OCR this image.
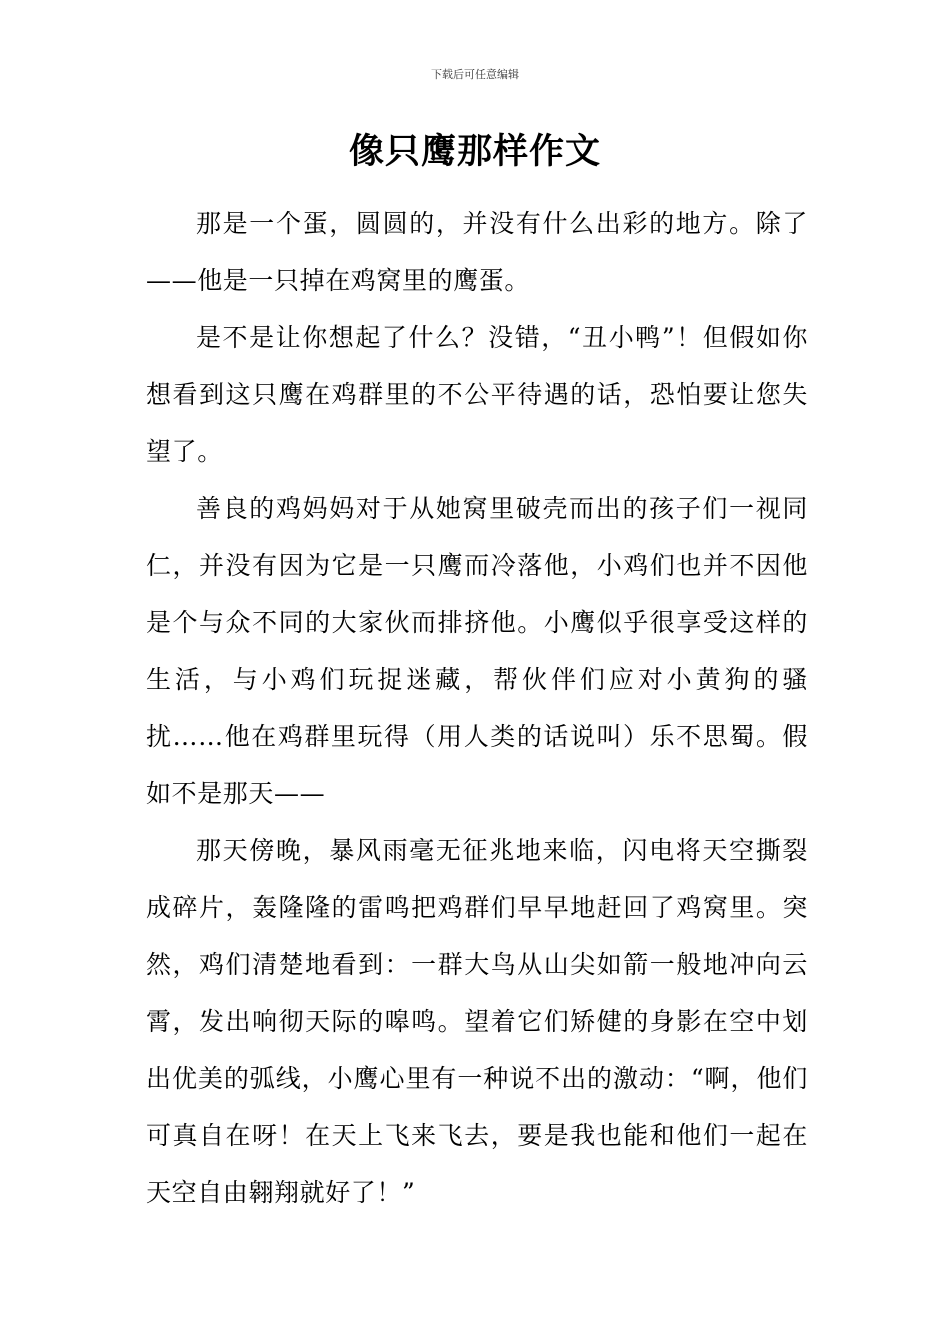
下载后可任意编辑
像只鹰那样作文

那是一个蛋，圆圆的，并没有什么出彩的地方。除了——他是一只掉在鸡窝里的鹰蛋。

是不是让你想起了什么？没错，“丑小鸭”！但假如你想看到这只鹰在鸡群里的不公平待遇的话，恐怕要让您失望了。

善良的鸡妈妈对于从她窝里破壳而出的孩子们一视同仁，并没有因为它是一只鹰而冷落他，小鸡们也并不因他是个与众不同的大家伙而排挤他。小鹰似乎很享受这样的生活，与小鸡们玩捉迷藏，帮伙伴们应对小黄狗的骚扰……他在鸡群里玩得（用人类的话说叫）乐不思蜀。假如不是那天——

那天傍晚，暴风雨毫无征兆地来临，闪电将天空撕裂成碎片，轰隆隆的雷鸣把鸡群们早早地赶回了鸡窝里。突然，鸡们清楚地看到：一群大鸟从山尖如箭一般地冲向云霄，发出响彻天际的嗥鸣。望着它们矫健的身影在空中划出优美的弧线，小鹰心里有一种说不出的激动：“啊，他们可真自在呀！在天上飞来飞去，要是我也能和他们一起在天空自由翱翔就好了！”
